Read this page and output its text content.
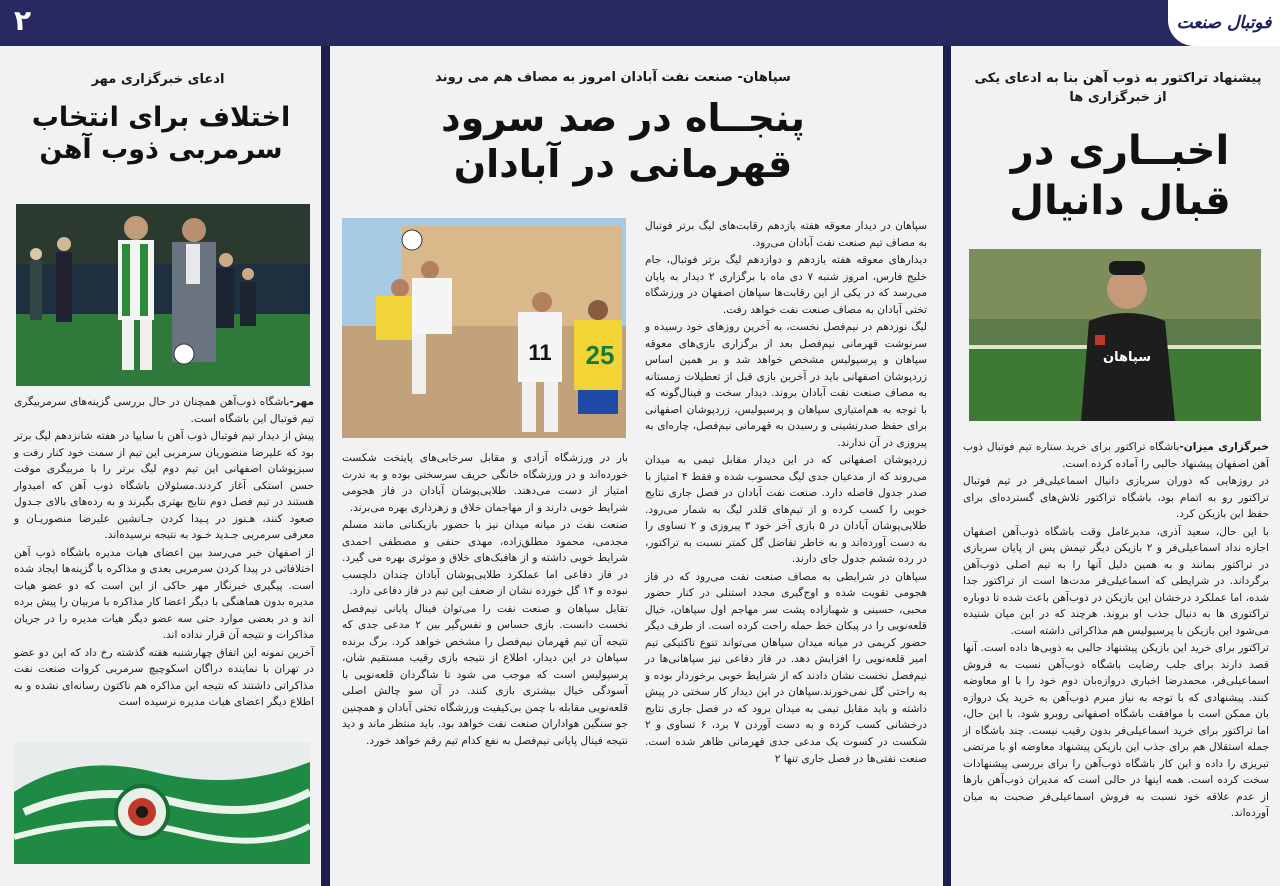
۲	فوتبال صنعت
ادعای خبرگزاری مهر
اختلاف برای انتخاب سرمربی ذوب آهن

مهر-باشگاه ذوب‌آهن همچنان در حال بررسی گزینه‌های سرمربیگری تیم فوتبال این باشگاه است.

پیش از دیدار تیم فوتبال ذوب آهن با سایپا در هفته شانزدهم لیگ برتر بود که علیرضا منصوریان سرمربی این تیم از سمت خود کنار رفت و سبزپوشان اصفهانی این تیم دوم لیگ برتر را با مربیگری موقت حسن استکی آغاز کردند.مسئولان باشگاه ذوب آهن که امیدوار هستند در تیم فصل دوم نتایج بهتری بگیرند و به رده‌های بالای جـدول صعود کنند، هـنوز در پـیدا کردن جـانشین علیرضا منصوریـان و معرفی سرمربی جـدید خـود به نتیجه نرسیده‌اند.

از اصفهان خبر می‌رسد بین اعضای هیات مدیره باشگاه ذوب آهن اختلافاتی در پیدا کردن سرمربی بعدی و مذاکره با گزینه‌ها ایجاد شده است. پیگیری خبرنگار مهر حاکی از این است که دو عضو هیات مدیره بدون هماهنگی با دیگر اعضا کار مذاکره با مربیان را پیش برده اند و در بعضی موارد حتی سه عضو دیگر هیات مدیره را در جریان مذاکرات و نتیجه آن قرار نداده اند.

آخرین نمونه این اتفاق چهارشنبه هفته گذشته رخ داد که این دو عضو در تهران با نماینده دراگان اسکوچیچ سرمربی کروات صنعت نفت مذاکراتی داشتند که نتیجه این مذاکره هم ناکتون رسانه‌ای نشده و به اطلاع دیگر اعضای هیات مدیره نرسیده است

سپاهان- صنعت نفت آبادان امروز به مصاف هم می روند
پنجــاه در صد سرود قهرمانی در آبادان

سپاهان در دیدار معوقه هفته یازدهم رقابت‌های لیگ برتر فوتبال به مصاف تیم صنعت نفت آبادان می‌رود.

دیدارهای معوقه هفته یازدهم و دوازدهم لیگ برتر فوتبال، جام خلیج فارس، امروز شنبه ۷ دی ماه با برگزاری ۲ دیدار به پایان می‌رسد که در یکی از این رقابت‌ها سپاهان اصفهان در ورزشگاه تختی آبادان به مصاف صنعت نفت خواهد رفت.

لیگ نوزدهم در نیم‌فصل نخست، به آخرین روزهای خود رسیده و سرنوشت قهرمانی نیم‌فصل بعد از برگزاری بازی‌های معوقه سپاهان و پرسپولیس مشخص خواهد شد و بر همین اساس زردپوشان اصفهانی باید در آخرین بازی قبل از تعطیلات زمستانه به مصاف صنعت نفت آبادان بروند. دیدار سخت و فینال‌گونه که با توجه به هم‌امتیازی سپاهان و پرسپولیس، زردپوشان اصفهانی برای حفظ صدرنشینی و رسیدن به قهرمانی نیم‌فصل، چاره‌ای به پیروزی در آن ندارند.

زردپوشان اصفهانی که در این دیدار مقابل تیمی به میدان می‌روند که از مدعیان جدی لیگ محسوب شده و فقط ۴ امتیاز با صدر جدول فاصله دارد. صنعت نفت آبادان در فصل جاری نتایج خوبی را کسب کرده و از تیم‌های قلدر لیگ به شمار می‌رود. طلایی‌پوشان آبادان در ۵ بازی آخر خود ۳ پیروزی و ۲ تساوی را به دست آورده‌اند و به خاطر تفاضل گل کمتر نسبت به تراکتور، در رده ششم جدول جای دارند.

سپاهان در شرایطی به مصاف صنعت نفت می‌رود که در فاز هجومی تقویت شده و اوج‌گیری مجدد استنلی در کنار حضور محبی، حسینی و شهبازاده پشت سر مهاجم اول سپاهان، خیال قلعه‌نویی را در پیکان خط حمله راحت کرده است. از طرف دیگر حضور کریمی در میانه میدان سپاهان می‌تواند تنوع تاکتیکی تیم امیر قلعه‌نویی را افزایش دهد. در فاز دفاعی نیز سپاهانی‌ها در نیم‌فصل نخست نشان دادند که از شرایط خوبی برخوردار بوده و به راحتی گل نمی‌خورند.سپاهان در این دیدار کار سختی در پیش داشته و باید مقابل تیمی به میدان برود که در فصل جاری نتایج درخشانی کسب کرده و به دست آوردن ۷ برد، ۶ تساوی و ۲ شکست در کسوت یک مدعی جدی قهرمانی ظاهر شده است. صنعت نفتی‌ها در فصل جاری تنها ۲

11 25

بار در ورزشگاه آزادی و مقابل سرخابی‌های پایتخت شکست خورده‌اند و در ورزشگاه خانگی حریف سرسختی بوده و به ندرت امتیاز از دست می‌دهند. طلایی‌پوشان آبادان در فاز هجومی شرایط خوبی دارند و از مهاجمان خلاق و زهرداری بهره می‌برند.

صنعت نفت در میانه میدان نیز با حضور بازیکنانی مانند مسلم مجدمی، محمود مطلق‌زاده، مهدی حنفی و مصطفی احمدی شرایط خوبی داشته و از هافبک‌های خلاق و موثری بهره می گیرد. در فاز دفاعی اما عملکرد طلایی‌پوشان آبادان چندان دلچسب نبوده و ۱۴ گل خورده نشان از ضعف این تیم در فاز دفاعی دارد.

تقابل سپاهان و صنعت نفت را می‌توان فینال پایانی نیم‌فصل نخست دانست. بازی حساس و نفس‌گیر بین ۲ مدعی جدی که نتیجه آن تیم قهرمان نیم‌فصل را مشخص خواهد کرد. برگ برنده سپاهان در این دیدار، اطلاع از نتیجه بازی رقیب مستقیم شان، پرسپولیس است که موجب می شود تا شاگردان قلعه‌نویی با آسودگی خیال بیشتری بازی کنند. در آن سو چالش اصلی قلعه‌نویی مقابله با چمن بی‌کیفیت ورزشگاه تختی آبادان و همچنین جو سنگین هواداران صنعت نفت خواهد بود. باید منتظر ماند و دید نتیجه فینال پایانی نیم‌فصل به نفع کدام تیم رقم خواهد خورد.

پیشنهاد تراکتور به ذوب آهن بنا به ادعای یکی از خبرگزاری ها
اخبــاری در قبال دانیال
سپاهان

خبرگزاری میزان-باشگاه تراکتور برای خرید ستاره تیم فوتبال ذوب آهن اصفهان پیشنهاد جالبی را آماده کرده است.

در روزهایی که دوران سربازی دانیال اسماعیلی‌فر در تیم فوتبال تراکتور رو به اتمام بود، باشگاه تراکتور تلاش‌های گسترده‌ای برای حفظ این بازیکن کرد.

با این حال، سعید آذری، مدیرعامل وقت باشگاه ذوب‌آهن اصفهان اجازه نداد اسماعیلی‌فر و ۲ بازیکن دیگر تیمش پس از پایان سربازی در تراکتور بمانند و به همین دلیل آنها را به تیم اصلی ذوب‌آهن برگرداند. در شرایطی که اسماعیلی‌فر مدت‌ها است از تراکتور جدا شده، اما عملکرد درخشان این بازیکن در ذوب‌آهن باعث شده تا دوباره تراکتوری ها به دنبال جذب او بروند. هرچند که در این میان شنیده می‌شود این بازیکن با پرسپولیس هم مذاکراتی داشته است.

تراکتور برای خرید این بازیکن پیشنهاد جالبی به ذوبی‌ها داده است. آنها قصد دارند برای جلب رضایت باشگاه ذوب‌آهن نسبت به فروش اسماعیلی‌فر، محمدرضا اخباری دروازه‌بان دوم خود را با او معاوضه کنند. پیشنهادی که با توجه به نیاز مبرم ذوب‌آهن به خرید یک دروازه بان ممکن است با موافقت باشگاه اصفهانی روبرو شود. با این حال، اما تراکتور برای خرید اسماعیلی‌فر بدون رقیب نیست. چند باشگاه از جمله استقلال هم برای جذب این بازیکن پیشنهاد معاوضه او با مرتضی تبریزی را داده و این کار باشگاه ذوب‌آهن را برای بررسی پیشنهادات سخت کرده است. همه اینها در حالی است که مدیران ذوب‌آهن بارها از عدم علاقه خود نسبت به فروش اسماعیلی‌فر صحبت به میان آورده‌اند.
